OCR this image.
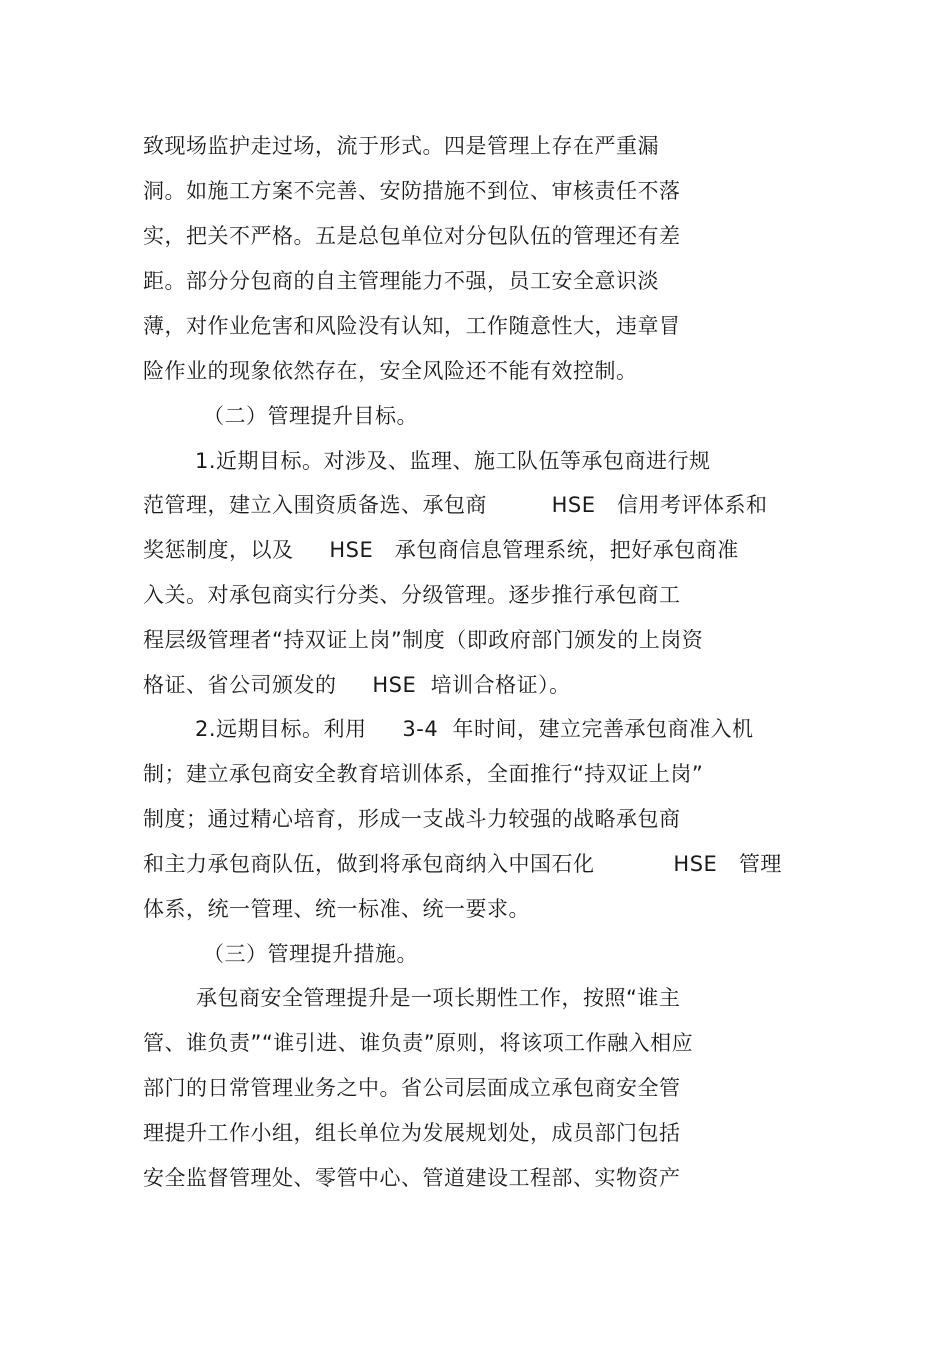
致现场监护走过场，流于形式。四是管理上存在严重漏
洞。如施工方案不完善、安防措施不到位、审核责任不落
实，把关不严格。五是总包单位对分包队伍的管理还有差
距。部分分包商的自主管理能力不强，员工安全意识淡
薄，对作业危害和风险没有认知，工作随意性大，违章冒
险作业的现象依然存在，安全风险还不能有效控制。
（二）管理提升目标。
1.近期目标。对涉及、监理、施工队伍等承包商进行规
范管理，建立入围资质备选、承包商         HSE   信用考评体系和
奖惩制度，以及     HSE   承包商信息管理系统，把好承包商准
入关。对承包商实行分类、分级管理。逐步推行承包商工
程层级管理者“持双证上岗”制度（即政府部门颁发的上岗资
格证、省公司颁发的     HSE  培训合格证）。
2.远期目标。利用     3-4  年时间，建立完善承包商准入机
制；建立承包商安全教育培训体系，全面推行“持双证上岗”
制度；通过精心培育，形成一支战斗力较强的战略承包商
和主力承包商队伍，做到将承包商纳入中国石化           HSE   管理
体系，统一管理、统一标准、统一要求。
（三）管理提升措施。
承包商安全管理提升是一项长期性工作，按照“谁主
管、谁负责”“谁引进、谁负责”原则，将该项工作融入相应
部门的日常管理业务之中。省公司层面成立承包商安全管
理提升工作小组，组长单位为发展规划处，成员部门包括
安全监督管理处、零管中心、管道建设工程部、实物资产
